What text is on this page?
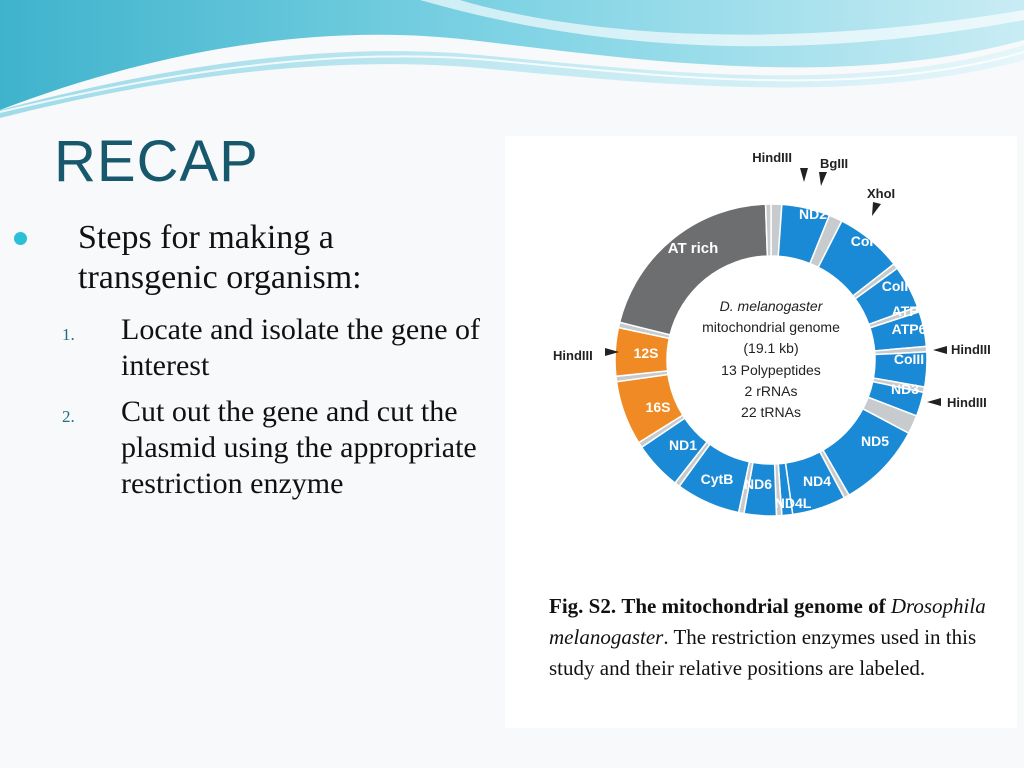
RECAP
Steps for making a transgenic organism:
1. Locate and isolate the gene of interest
2. Cut out the gene and cut the plasmid using the appropriate restriction enzyme
ND2
CoI
CoII
ATP8
ATP6
CoIII
ND3
ND5
ND4
ND4L
ND6
CytB
ND1
16S
12S
AT rich
D. melanogaster
mitochondrial genome
(19.1 kb)
13 Polypeptides
2 rRNAs
22 tRNAs
HindIII BgIII
XhoI
HindIII
HindIII
HindIII
Fig. S2. The mitochondrial genome of Drosophila melanogaster. The restriction enzymes used in this study and their relative positions are labeled.
